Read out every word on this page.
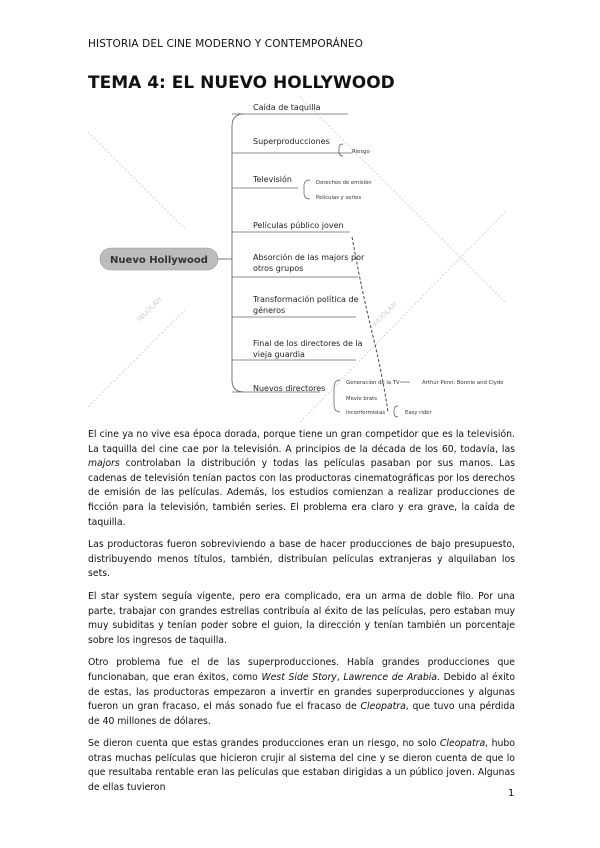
HISTORIA DEL CINE MODERNO Y CONTEMPORÁNEO
TEMA 4: EL NUEVO HOLLYWOOD
WUOLAH	WUOLAH
Nuevo Hollywood
Caída de taquilla
Superproducciones
Televisión
Películas público joven
Absorción de las majors por
otros grupos
Transformación política de
géneros
Final de los directores de la
vieja guardia
Nuevos directores
Riesgo
Derechos de emisión
Películas y series
Generación de la TV	Arthur Penn: Bonnie and Clyde
Movie brats
Inconformistas	Easy rider

El cine ya no vive esa época dorada, porque tiene un gran competidor que es la televisión. La taquilla del cine cae por la televisión. A principios de la década de los 60, todavía, las majors controlaban la distribución y todas las películas pasaban por sus manos. Las cadenas de televisión tenían pactos con las productoras cinematográficas por los derechos de emisión de las películas. Además, los estudios comienzan a realizar producciones de ficción para la televisión, también series. El problema era claro y era grave, la caída de taquilla.

Las productoras fueron sobreviviendo a base de hacer producciones de bajo presupuesto, distribuyendo menos títulos, también, distribuían películas extranjeras y alquilaban los sets.

El star system seguía vigente, pero era complicado, era un arma de doble filo. Por una parte, trabajar con grandes estrellas contribuía al éxito de las películas, pero estaban muy muy subiditas y tenían poder sobre el guion, la dirección y tenían también un porcentaje sobre los ingresos de taquilla.

Otro problema fue el de las superproducciones. Había grandes producciones que funcionaban, que eran éxitos, como West Side Story, Lawrence de Arabia. Debido al éxito de estas, las productoras empezaron a invertir en grandes superproducciones y algunas fueron un gran fracaso, el más sonado fue el fracaso de Cleopatra, que tuvo una pérdida de 40 millones de dólares.

Se dieron cuenta que estas grandes producciones eran un riesgo, no solo Cleopatra, hubo otras muchas películas que hicieron crujir al sistema del cine y se dieron cuenta de que lo que resultaba rentable eran las películas que estaban dirigidas a un público joven. Algunas de ellas tuvieron

1
